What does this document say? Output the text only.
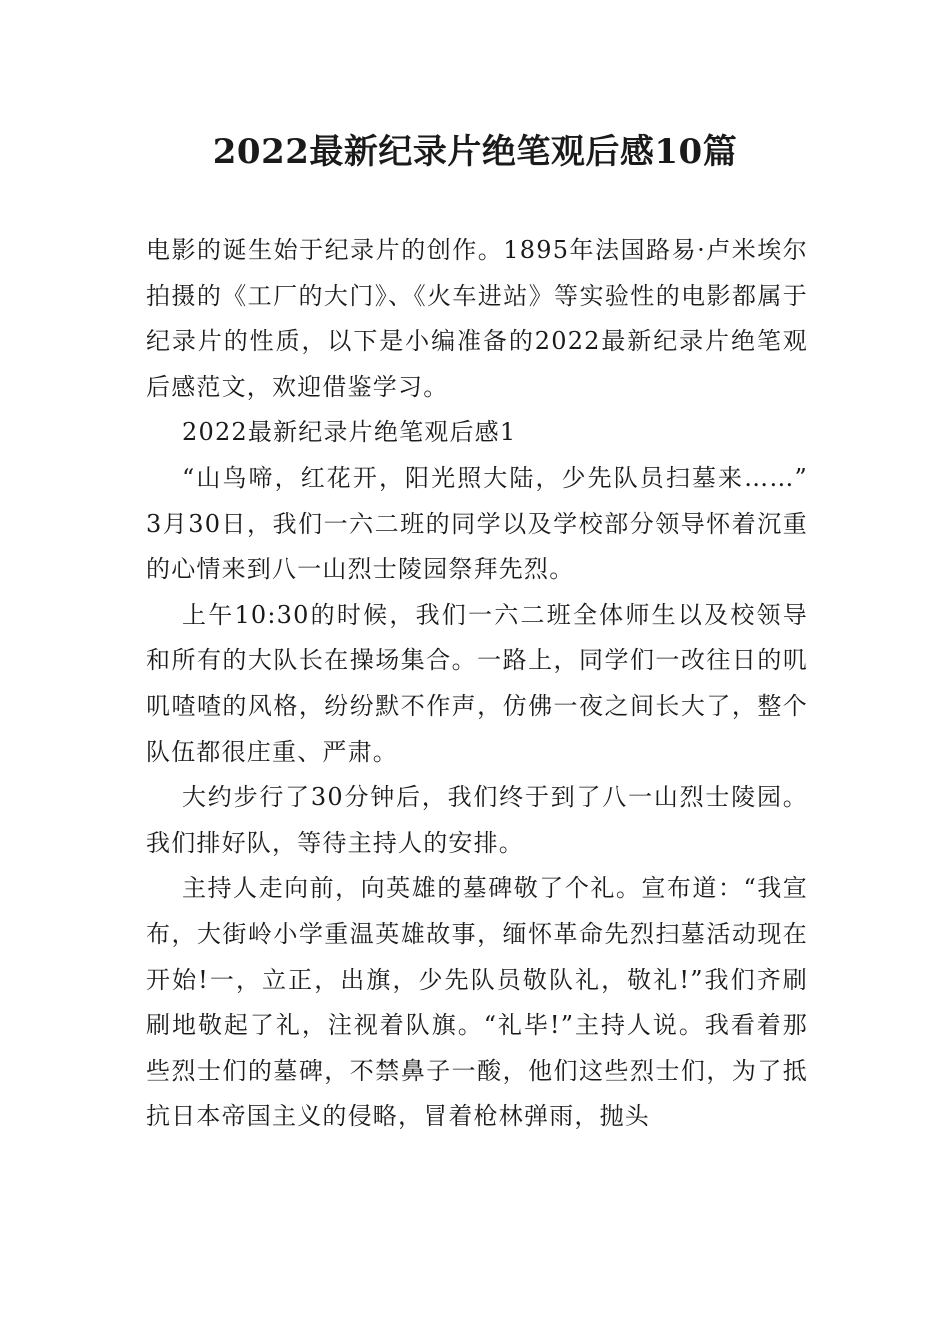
2022最新纪录片绝笔观后感10篇

电影的诞生始于纪录片的创作。1895年法国路易·卢米埃尔拍摄的《工厂的大门》、《火车进站》等实验性的电影都属于纪录片的性质，以下是小编准备的2022最新纪录片绝笔观后感范文，欢迎借鉴学习。

2022最新纪录片绝笔观后感1

“山鸟啼，红花开，阳光照大陆，少先队员扫墓来……” 3月30日，我们一六二班的同学以及学校部分领导怀着沉重的心情来到八一山烈士陵园祭拜先烈。

上午10:30的时候，我们一六二班全体师生以及校领导和所有的大队长在操场集合。一路上，同学们一改往日的叽叽喳喳的风格，纷纷默不作声，仿佛一夜之间长大了，整个队伍都很庄重、严肃。

大约步行了30分钟后，我们终于到了八一山烈士陵园。我们排好队，等待主持人的安排。

主持人走向前，向英雄的墓碑敬了个礼。宣布道：“我宣布，大街岭小学重温英雄故事，缅怀革命先烈扫墓活动现在开始!一，立正，出旗，少先队员敬队礼，敬礼!”我们齐刷刷地敬起了礼，注视着队旗。“礼毕!”主持人说。我看着那些烈士们的墓碑，不禁鼻子一酸，他们这些烈士们，为了抵抗日本帝国主义的侵略，冒着枪林弹雨，抛头
